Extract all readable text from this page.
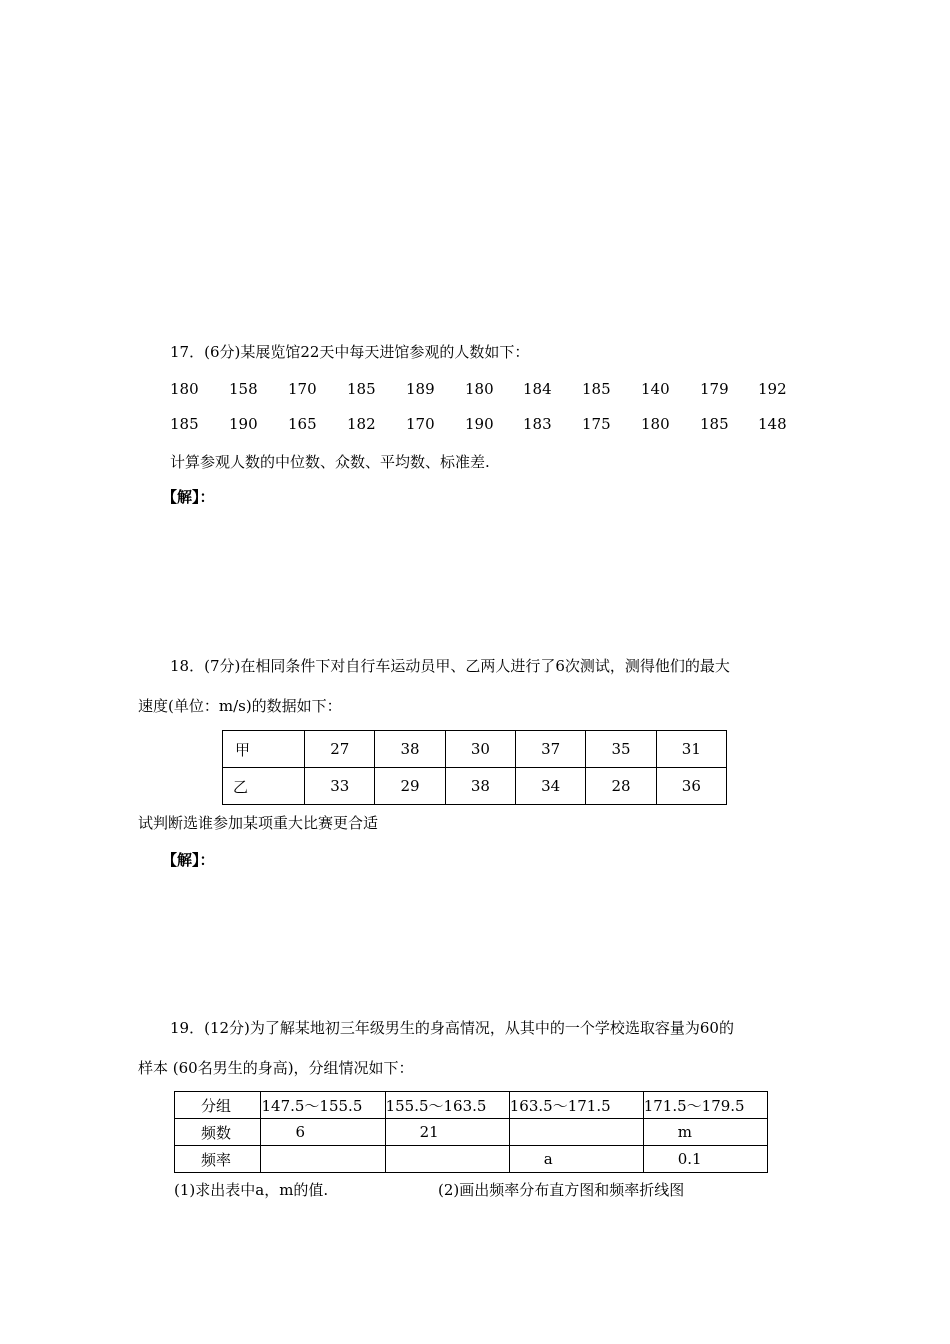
17．(6分)某展览馆22天中每天进馆参观的人数如下：
180 158 170 185 189 180 184 185 140 179 192
185 190 165 182 170 190 183 175 180 185 148
计算参观人数的中位数、众数、平均数、标准差.
【解】：
18．(7分)在相同条件下对自行车运动员甲、乙两人进行了6次测试，测得他们的最大
速度(单位：m/s)的数据如下：
甲	27	38	30	37	35	31
乙	33	29	38	34	28	36
试判断选谁参加某项重大比赛更合适
【解】：
19．(12分)为了解某地初三年级男生的身高情况，从其中的一个学校选取容量为60的
样本 (60名男生的身高)，分组情况如下：
分组	147.5～155.5	155.5～163.5	163.5～171.5	171.5～179.5
频数	6	21		m
频率			a	0.1
(1)求出表中a，m的值.	(2)画出频率分布直方图和频率折线图
